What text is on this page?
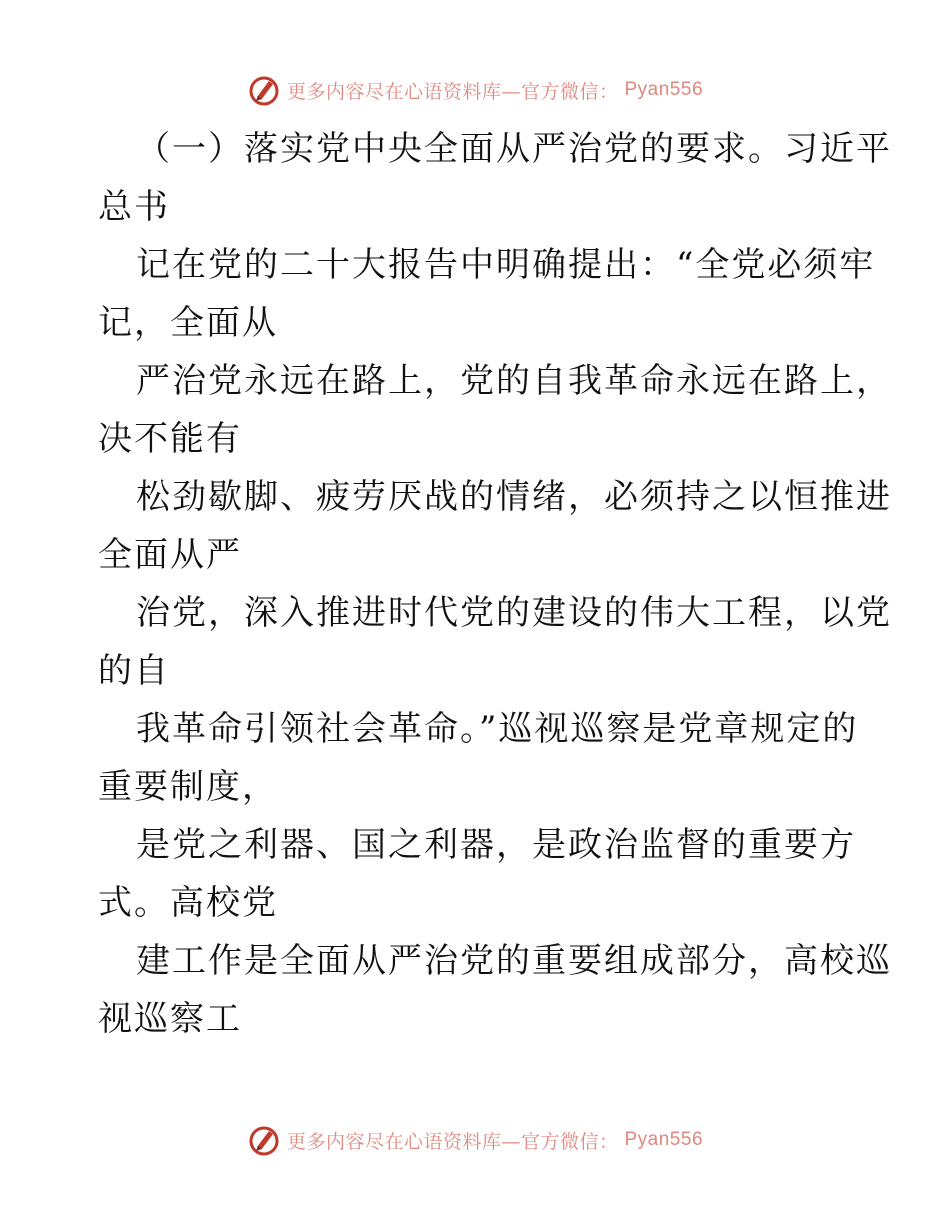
更多内容尽在心语资料库—官方微信： Pyan556
（一）落实党中央全面从严治党的要求。习近平
总书
记在党的二十大报告中明确提出：“全党必须牢
记，全面从
严治党永远在路上，党的自我革命永远在路上，
决不能有
松劲歇脚、疲劳厌战的情绪，必须持之以恒推进
全面从严
治党，深入推进时代党的建设的伟大工程，以党
的自
我革命引领社会革命。”巡视巡察是党章规定的
重要制度，
是党之利器、国之利器，是政治监督的重要方
式。高校党
建工作是全面从严治党的重要组成部分，高校巡
视巡察工
更多内容尽在心语资料库—官方微信： Pyan556
